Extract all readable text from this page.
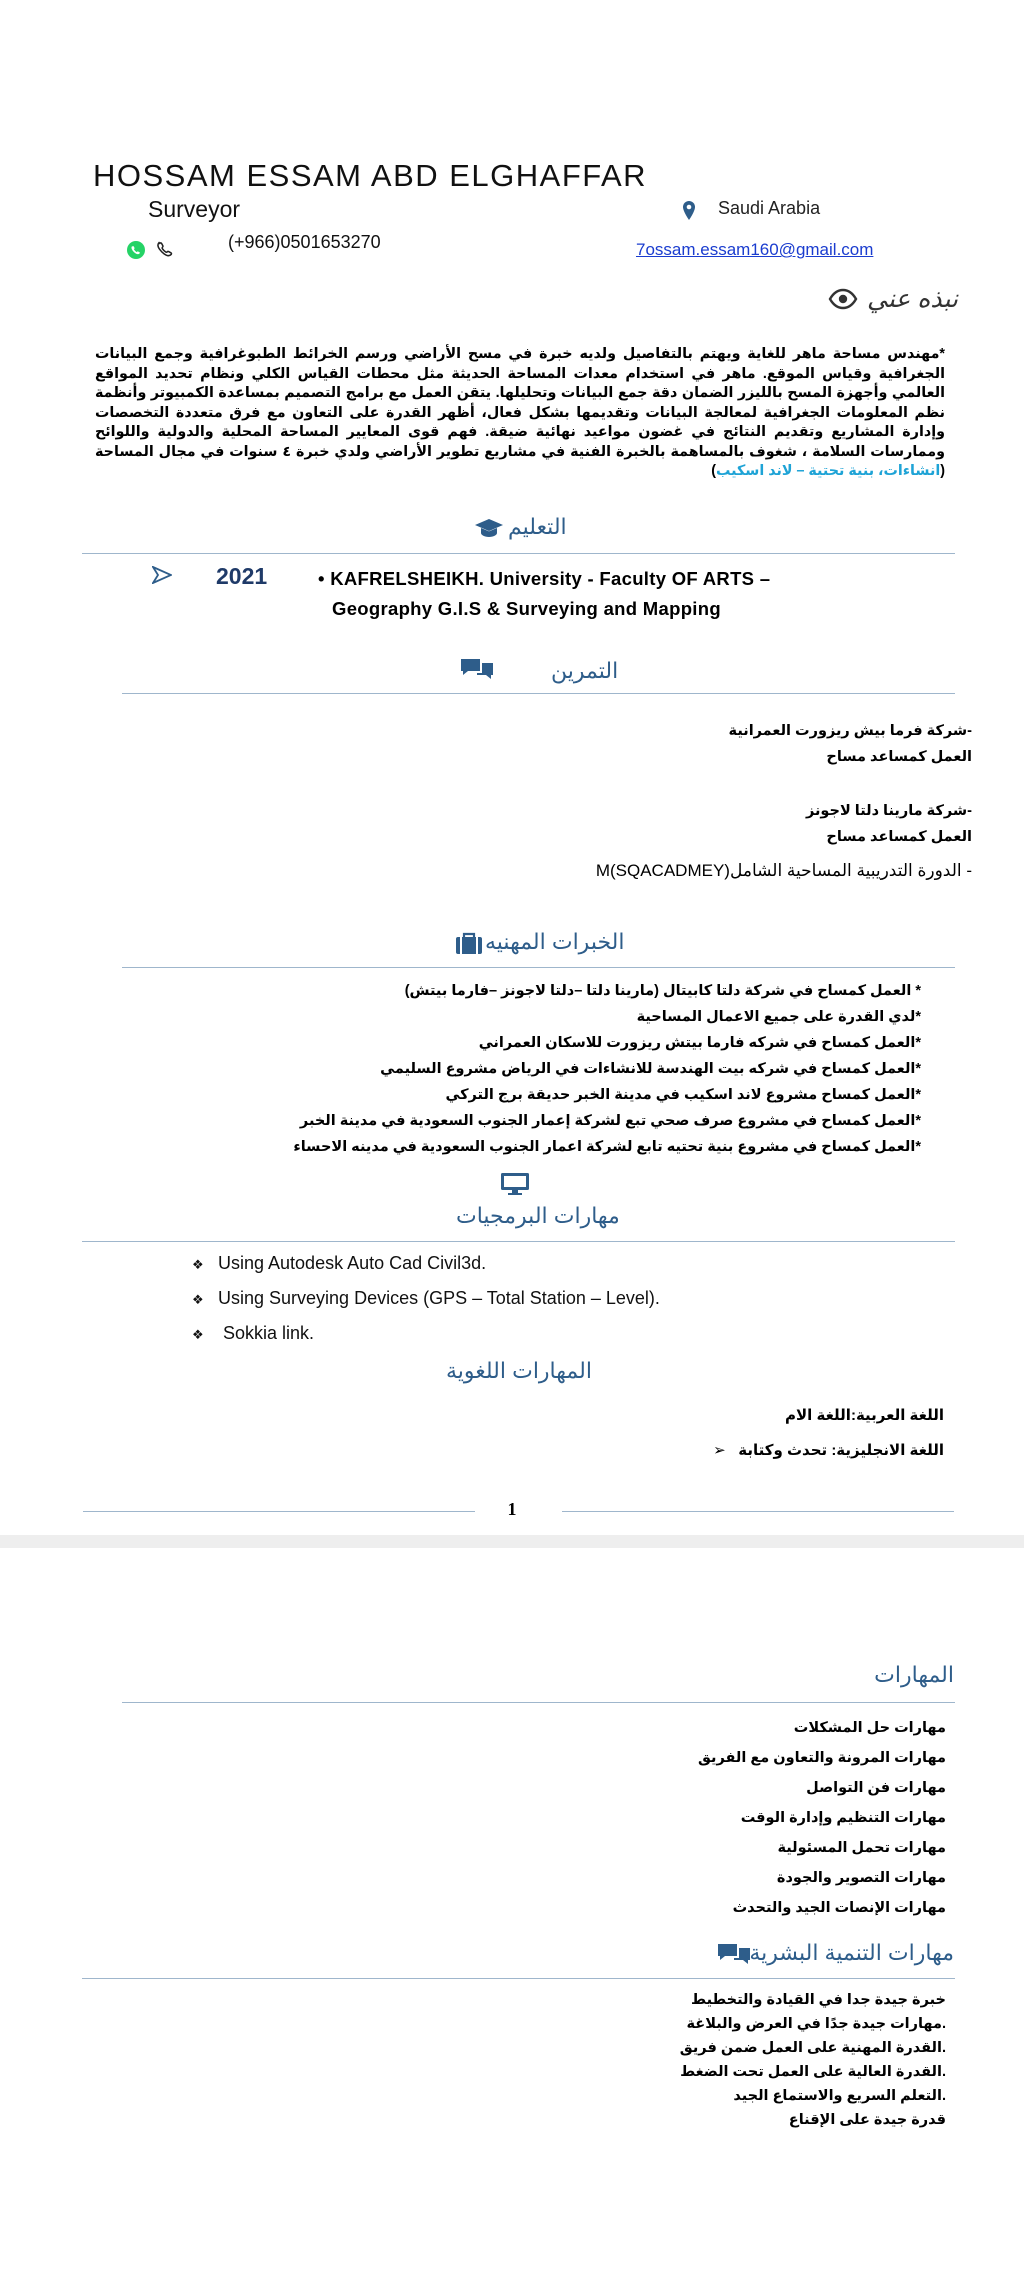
HOSSAM ESSAM ABD ELGHAFFAR
Surveyor
(+966)0501653270
Saudi Arabia
7ossam.essam160@gmail.com
نبذه عني
*مهندس مساحة ماهر للغاية ويهتم بالتفاصيل ولديه خبرة في مسح الأراضي ورسم الخرائط الطبوغرافية وجمع البيانات الجغرافية وقياس الموقع. ماهر في استخدام معدات المساحة الحديثة مثل محطات القياس الكلي ونظام تحديد المواقع العالمي وأجهزة المسح بالليزر الضمان دقة جمع البيانات وتحليلها. يتقن العمل مع برامج التصميم بمساعدة الكمبيوتر وأنظمة نظم المعلومات الجغرافية لمعالجة البيانات وتقديمها بشكل فعال، أظهر القدرة على التعاون مع فرق متعددة التخصصات وإدارة المشاريع وتقديم النتائج في غضون مواعيد نهائية ضيقة. فهم قوى المعايير المساحة المحلية والدولية واللوائح وممارسات السلامة ، شغوف بالمساهمة بالخبرة الفنية في مشاريع تطوير الأراضي ولدي خبرة ٤ سنوات في مجال المساحة (انشاءات، بنية تحتية – لاند اسكيب)
التعليم
2021	• KAFRELSHEIKH. University - Faculty OF ARTS –
Geography G.I.S & Surveying and Mapping
التمرين
-شركة فرما بيش ريزورت العمرانية
العمل كمساعد مساح
-شركة مارينا دلتا لاجونز
العمل كمساعد مساح
- الدورة التدريبية المساحية الشامل(SQACADMEY)M
الخبرات المهنيه
* العمل كمساح في شركة دلتا كابيتال (مارينا دلتا –دلتا لاجونز –فارما بيتش)
*لدي القدرة على جميع الاعمال المساحية
*العمل كمساح في شركه فارما بيتش ريزورت للاسكان العمراني
*العمل كمساح في شركه بيت الهندسة للانشاءات في الرياض مشروع السليمي
*العمل كمساح مشروع لاند اسكيب في مدينة الخبر حديقة برج التركي
*العمل كمساح في مشروع صرف صحي تبع لشركة إعمار الجنوب السعودية في مدينة الخبر
*العمل كمساح في مشروع بنية تحتيه تابع لشركة اعمار الجنوب السعودية في مدينه الاحساء
مهارات البرمجيات
❖ Using Autodesk Auto Cad Civil3d.
❖ Using Surveying Devices (GPS – Total Station – Level).
❖ Sokkia link.
المهارات اللغوية
اللغة العربية:اللغة الام
اللغة الانجليزية: تحدث وكتابة   ➢
1
المهارات
مهارات حل المشكلات
مهارات المرونة والتعاون مع الفريق
مهارات فن التواصل
مهارات التنظيم وإدارة الوقت
مهارات تحمل المسئولية
مهارات التصوير والجودة
مهارات الإنصات الجيد والتحدث
مهارات التنمية البشرية
خبرة جيدة جدا في القيادة والتخطيط
.مهارات جيدة جدًا في العرض والبلاغة
.القدرة المهنية على العمل ضمن فريق
.القدرة العالية على العمل تحت الضغط
.التعلم السريع والاستماع الجيد
قدرة جيدة على الإقناع
